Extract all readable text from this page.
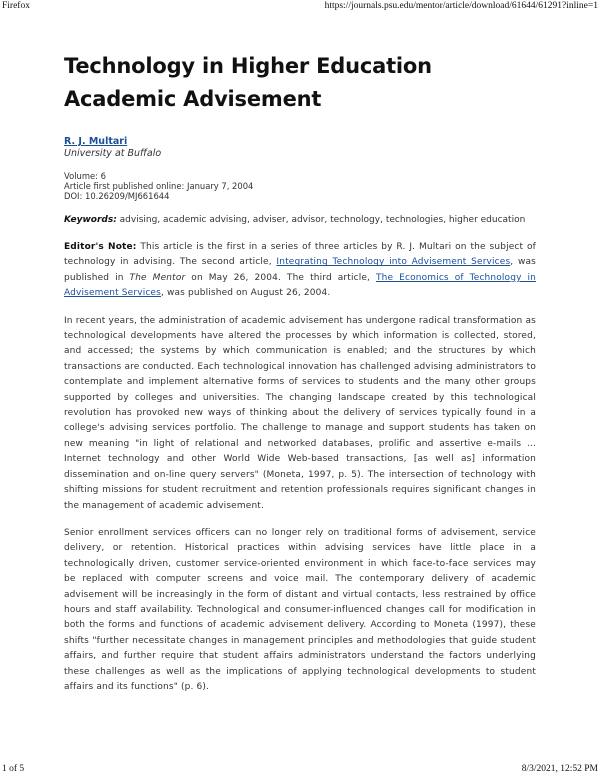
Firefox	https://journals.psu.edu/mentor/article/download/61644/61291?inline=1
Technology in Higher Education
Academic Advisement
R. J. Multari
University at Buffalo
Volume: 6
Article first published online: January 7, 2004
DOI: 10.26209/MJ661644
Keywords: advising, academic advising, adviser, advisor, technology, technologies, higher education

Editor's Note: This article is the first in a series of three articles by R. J. Multari on the subject of technology in advising. The second article, Integrating Technology into Advisement Services, was published in The Mentor on May 26, 2004. The third article, The Economics of Technology in Advisement Services, was published on August 26, 2004.

In recent years, the administration of academic advisement has undergone radical transformation as technological developments have altered the processes by which information is collected, stored, and accessed; the systems by which communication is enabled; and the structures by which transactions are conducted. Each technological innovation has challenged advising administrators to contemplate and implement alternative forms of services to students and the many other groups supported by colleges and universities. The changing landscape created by this technological revolution has provoked new ways of thinking about the delivery of services typically found in a college's advising services portfolio. The challenge to manage and support students has taken on new meaning "in light of relational and networked databases, prolific and assertive e-mails ... Internet technology and other World Wide Web-based transactions, [as well as] information dissemination and on-line query servers" (Moneta, 1997, p. 5). The intersection of technology with shifting missions for student recruitment and retention professionals requires significant changes in the management of academic advisement.

Senior enrollment services officers can no longer rely on traditional forms of advisement, service delivery, or retention. Historical practices within advising services have little place in a technologically driven, customer service-oriented environment in which face-to-face services may be replaced with computer screens and voice mail. The contemporary delivery of academic advisement will be increasingly in the form of distant and virtual contacts, less restrained by office hours and staff availability. Technological and consumer-influenced changes call for modification in both the forms and functions of academic advisement delivery. According to Moneta (1997), these shifts "further necessitate changes in management principles and methodologies that guide student affairs, and further require that student affairs administrators understand the factors underlying these challenges as well as the implications of applying technological developments to student affairs and its functions" (p. 6).

1 of 5	8/3/2021, 12:52 PM
